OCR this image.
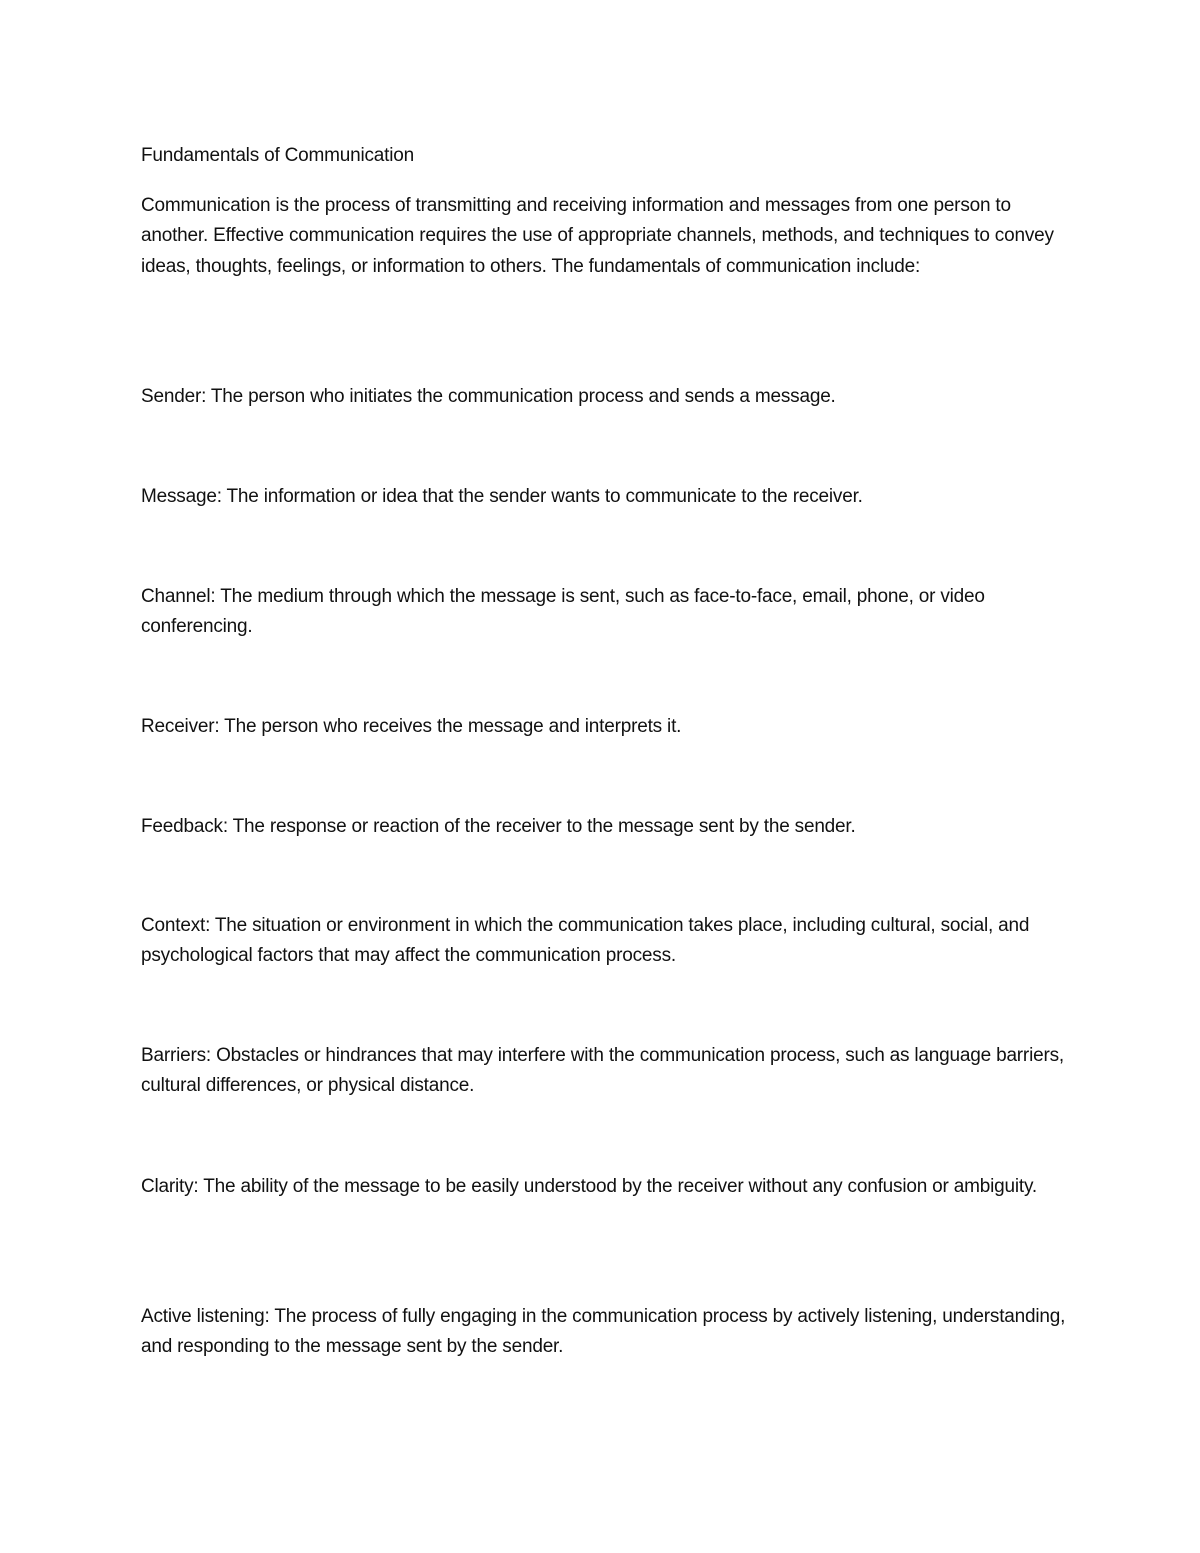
Fundamentals of Communication

Communication is the process of transmitting and receiving information and messages from one person to another. Effective communication requires the use of appropriate channels, methods, and techniques to convey ideas, thoughts, feelings, or information to others. The fundamentals of communication include:

Sender: The person who initiates the communication process and sends a message.

Message: The information or idea that the sender wants to communicate to the receiver.

Channel: The medium through which the message is sent, such as face-to-face, email, phone, or video conferencing.

Receiver: The person who receives the message and interprets it.

Feedback: The response or reaction of the receiver to the message sent by the sender.

Context: The situation or environment in which the communication takes place, including cultural, social, and psychological factors that may affect the communication process.

Barriers: Obstacles or hindrances that may interfere with the communication process, such as language barriers, cultural differences, or physical distance.

Clarity: The ability of the message to be easily understood by the receiver without any confusion or ambiguity.

Active listening: The process of fully engaging in the communication process by actively listening, understanding, and responding to the message sent by the sender.
